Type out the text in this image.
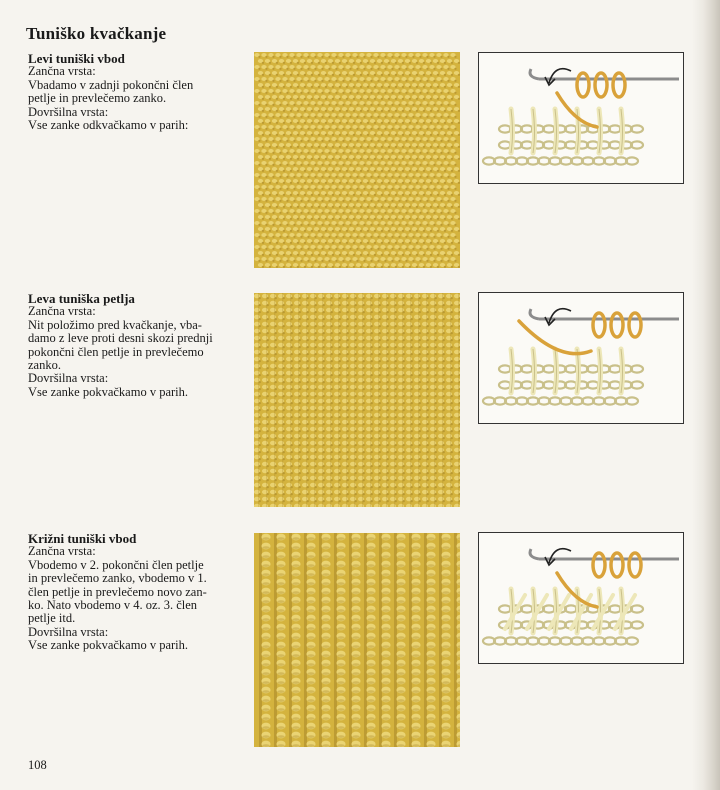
Tuniško kvačkanje
Levi tuniški vbod
Zančna vrsta:
Vbadamo v zadnji pokončni člen
petlje in prevlečemo zanko.
Dovršilna vrsta:
Vse zanke odkvačkamo v parih:
Leva tuniška petlja
Zančna vrsta:
Nit položimo pred kvačkanje, vba-
damo z leve proti desni skozi prednji
pokončni člen petlje in prevlečemo
zanko.
Dovršilna vrsta:
Vse zanke pokvačkamo v parih.
Križni tuniški vbod
Zančna vrsta:
Vbodemo v 2. pokončni člen petlje
in prevlečemo zanko, vbodemo v 1.
člen petlje in prevlečemo novo zan-
ko. Nato vbodemo v 4. oz. 3. člen
petlje itd.
Dovršilna vrsta:
Vse zanke pokvačkamo v parih.
108
